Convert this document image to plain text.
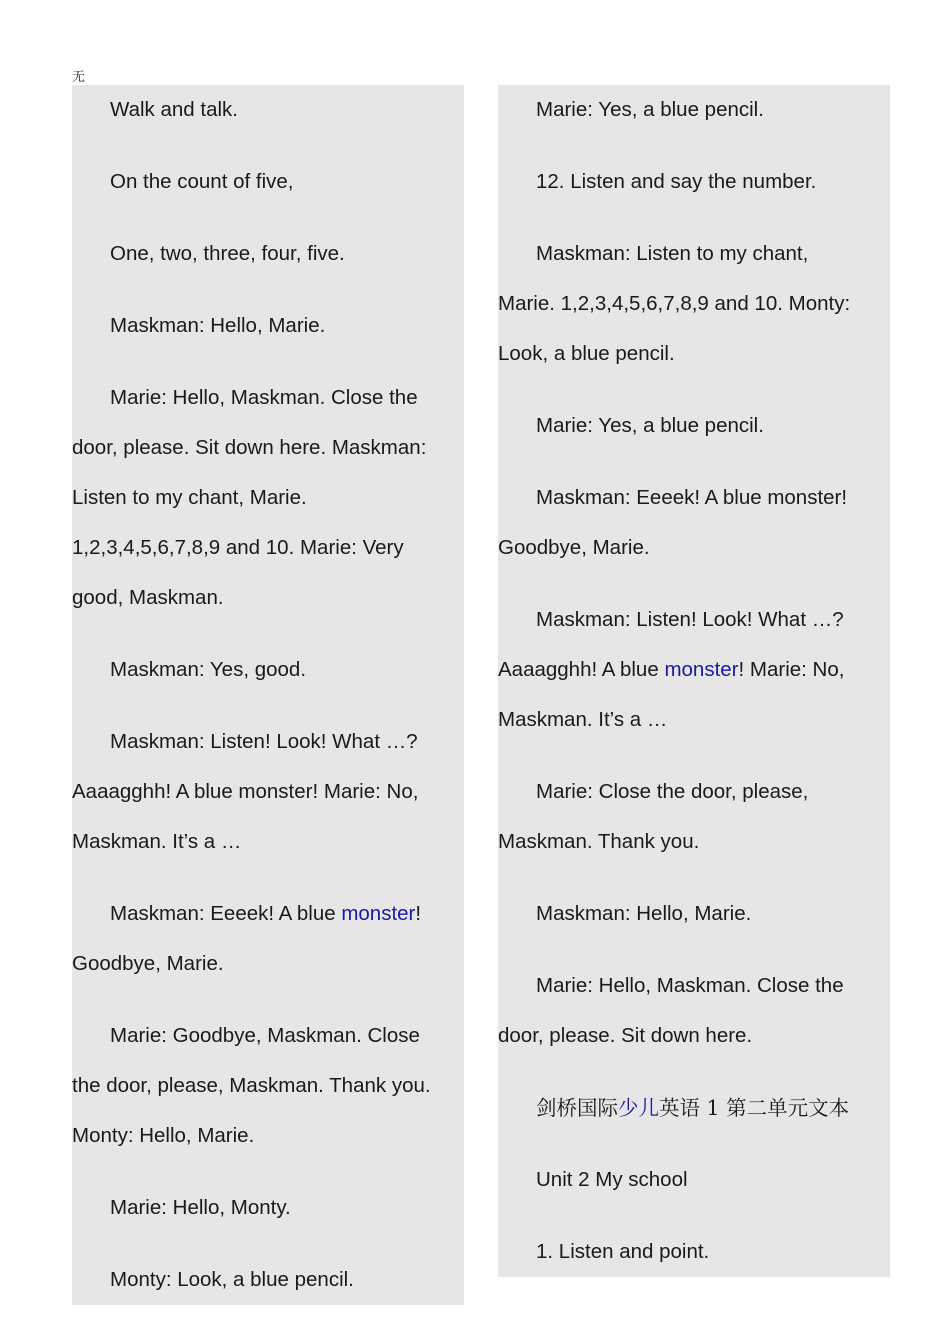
无

Walk and talk.

On the count of five,

One, two, three, four, five.

Maskman: Hello, Marie.

Marie: Hello, Maskman. Close the

door, please. Sit down here. Maskman:

Listen to my chant, Marie.

1,2,3,4,5,6,7,8,9 and 10. Marie: Very

good, Maskman.

Maskman: Yes, good.

Maskman: Listen! Look! What …?

Aaaagghh! A blue monster! Marie: No,

Maskman. It’s a …

Maskman: Eeeek! A blue monster!

Goodbye, Marie.

Marie: Goodbye, Maskman. Close

the door, please, Maskman. Thank you.

Monty: Hello, Marie.

Marie: Hello, Monty.

Monty: Look, a blue pencil.

Marie: Yes, a blue pencil.

12. Listen and say the number.

Maskman: Listen to my chant,

Marie. 1,2,3,4,5,6,7,8,9 and 10. Monty:

Look, a blue pencil.

Marie: Yes, a blue pencil.

Maskman: Eeeek! A blue monster!

Goodbye, Marie.

Maskman: Listen! Look! What …?

Aaaagghh! A blue monster! Marie: No,

Maskman. It’s a …

Marie: Close the door, please,

Maskman. Thank you.

Maskman: Hello, Marie.

Marie: Hello, Maskman. Close the

door, please. Sit down here.

剑桥国际少儿英语 1 第二单元文本

Unit 2 My school

1. Listen and point.
